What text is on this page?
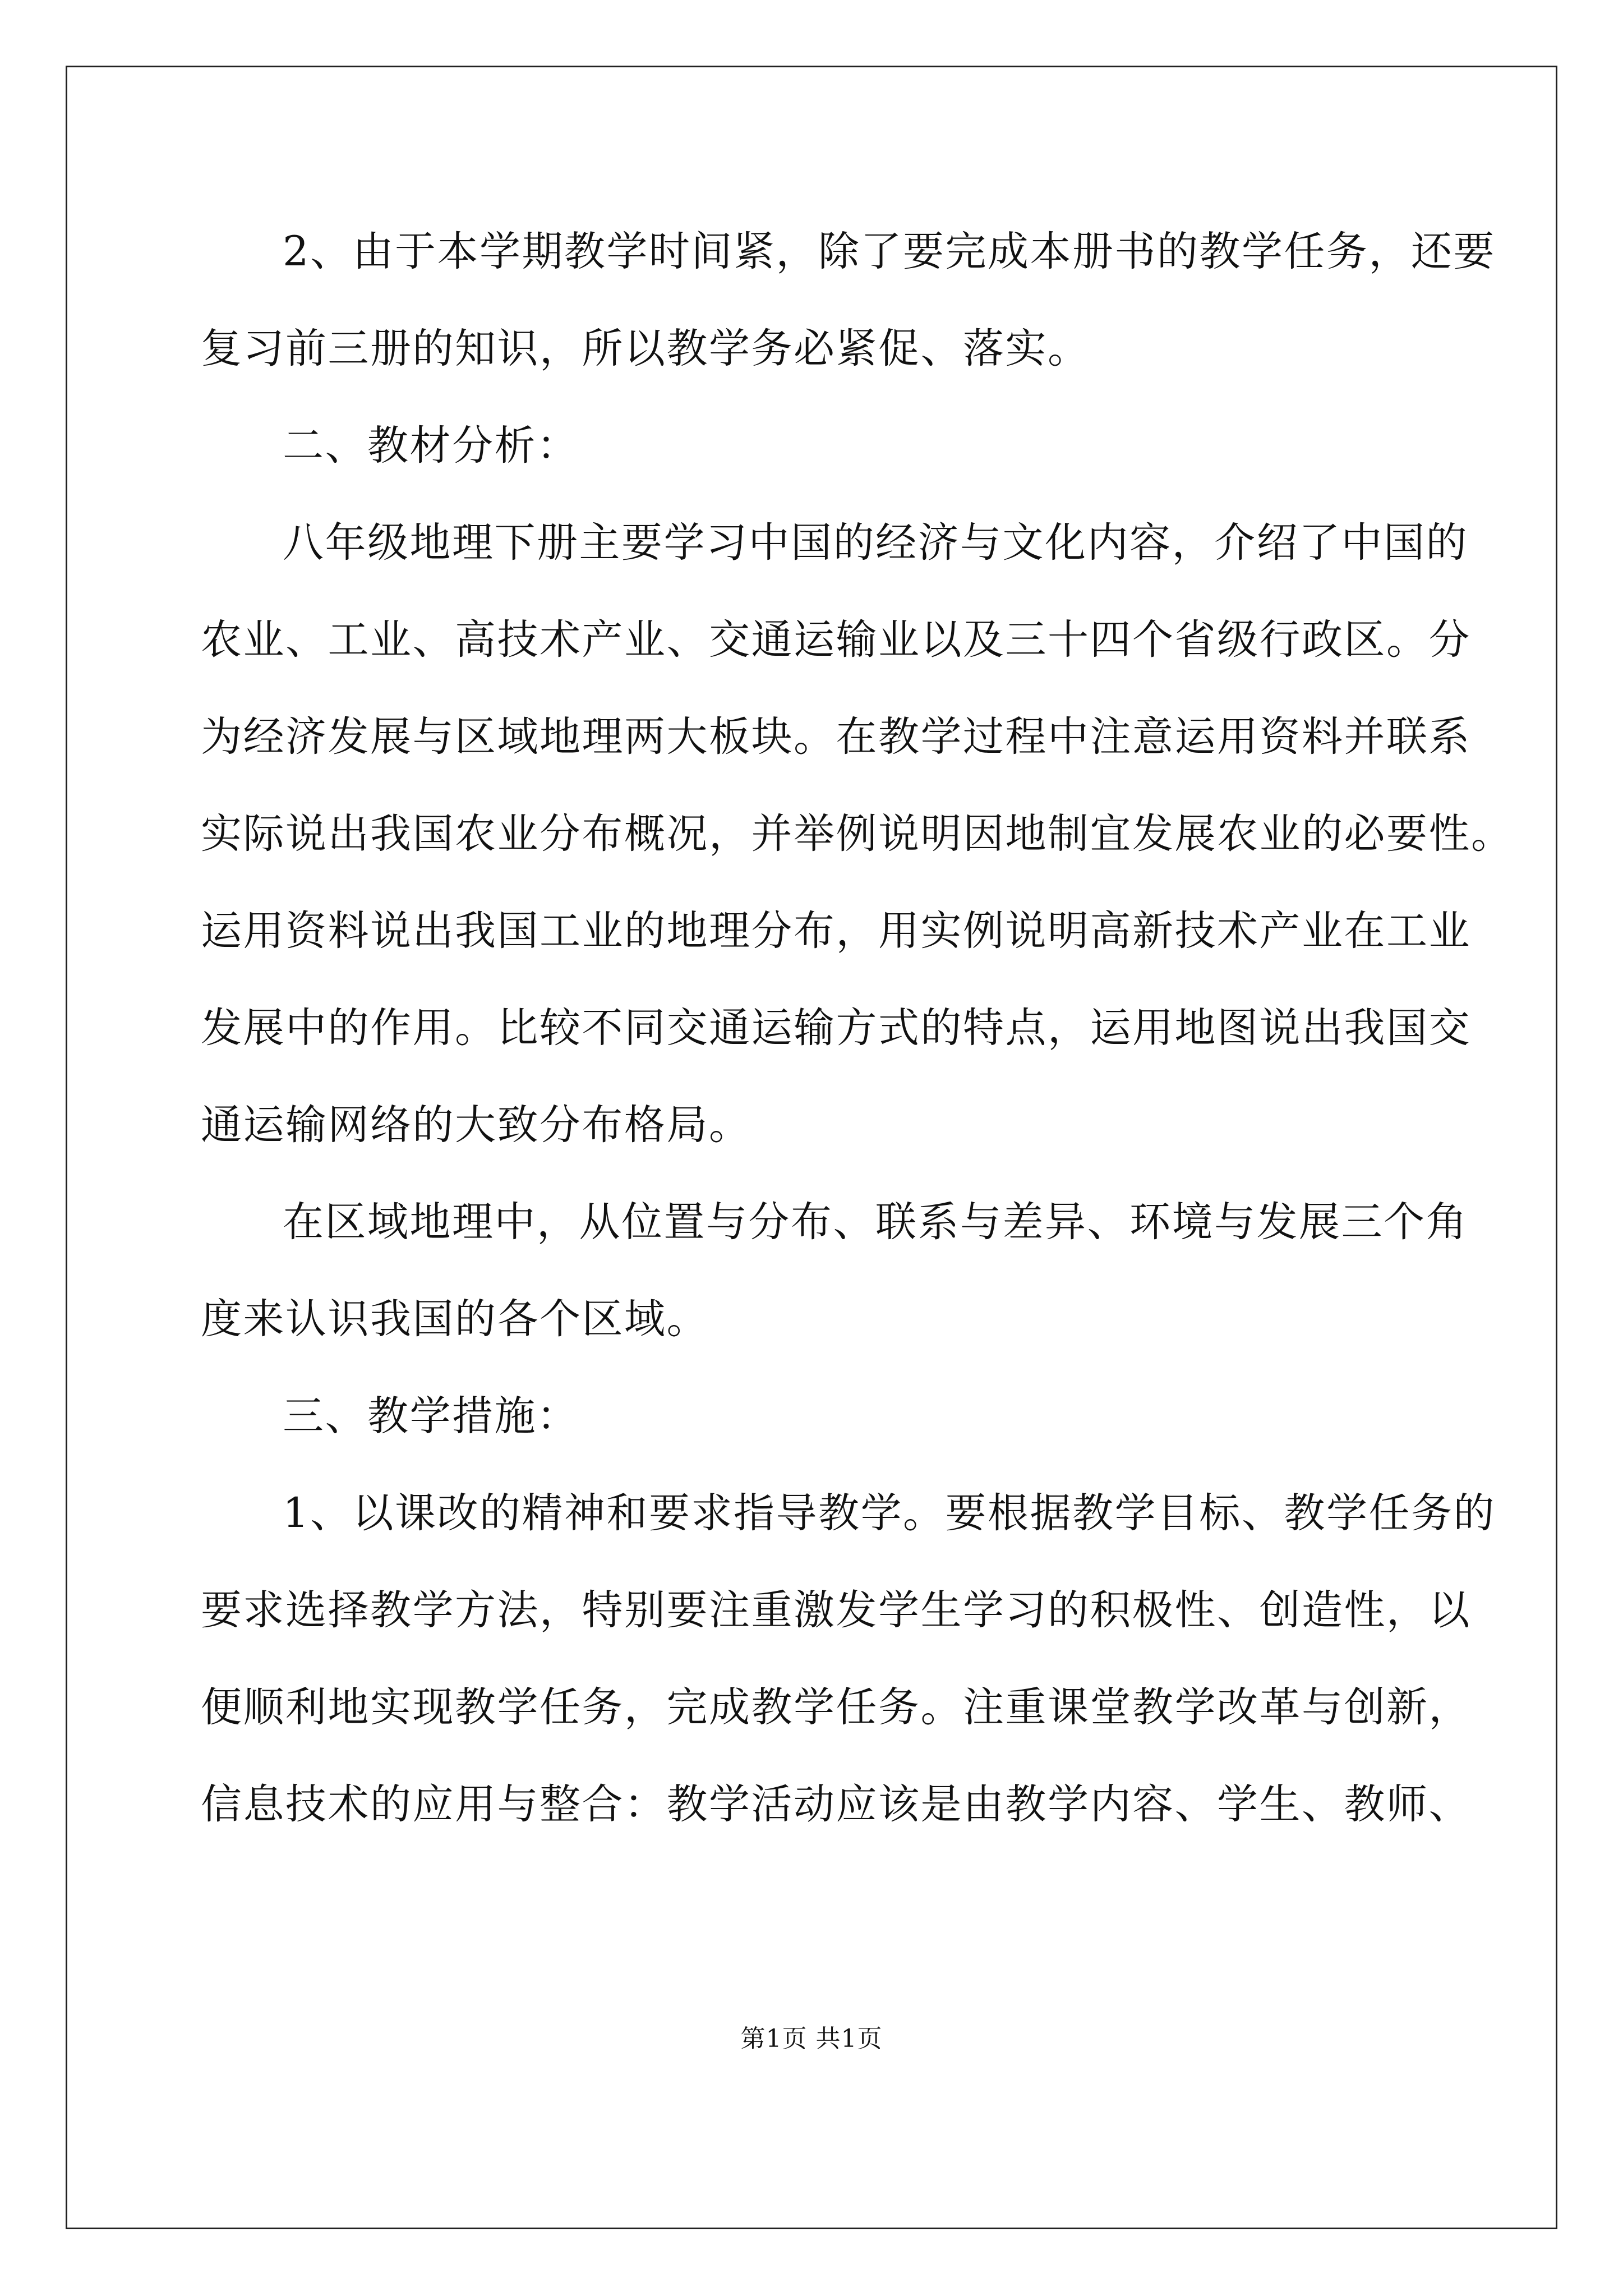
2、由于本学期教学时间紧，除了要完成本册书的教学任务，还要
复习前三册的知识，所以教学务必紧促、落实。
二、教材分析：
八年级地理下册主要学习中国的经济与文化内容，介绍了中国的
农业、工业、高技术产业、交通运输业以及三十四个省级行政区。分
为经济发展与区域地理两大板块。在教学过程中注意运用资料并联系
实际说出我国农业分布概况，并举例说明因地制宜发展农业的必要性。
运用资料说出我国工业的地理分布，用实例说明高新技术产业在工业
发展中的作用。比较不同交通运输方式的特点，运用地图说出我国交
通运输网络的大致分布格局。
在区域地理中，从位置与分布、联系与差异、环境与发展三个角
度来认识我国的各个区域。
三、教学措施：
1、以课改的精神和要求指导教学。要根据教学目标、教学任务的
要求选择教学方法，特别要注重激发学生学习的积极性、创造性，以
便顺利地实现教学任务，完成教学任务。注重课堂教学改革与创新，
信息技术的应用与整合：教学活动应该是由教学内容、学生、教师、
第1页 共1页
